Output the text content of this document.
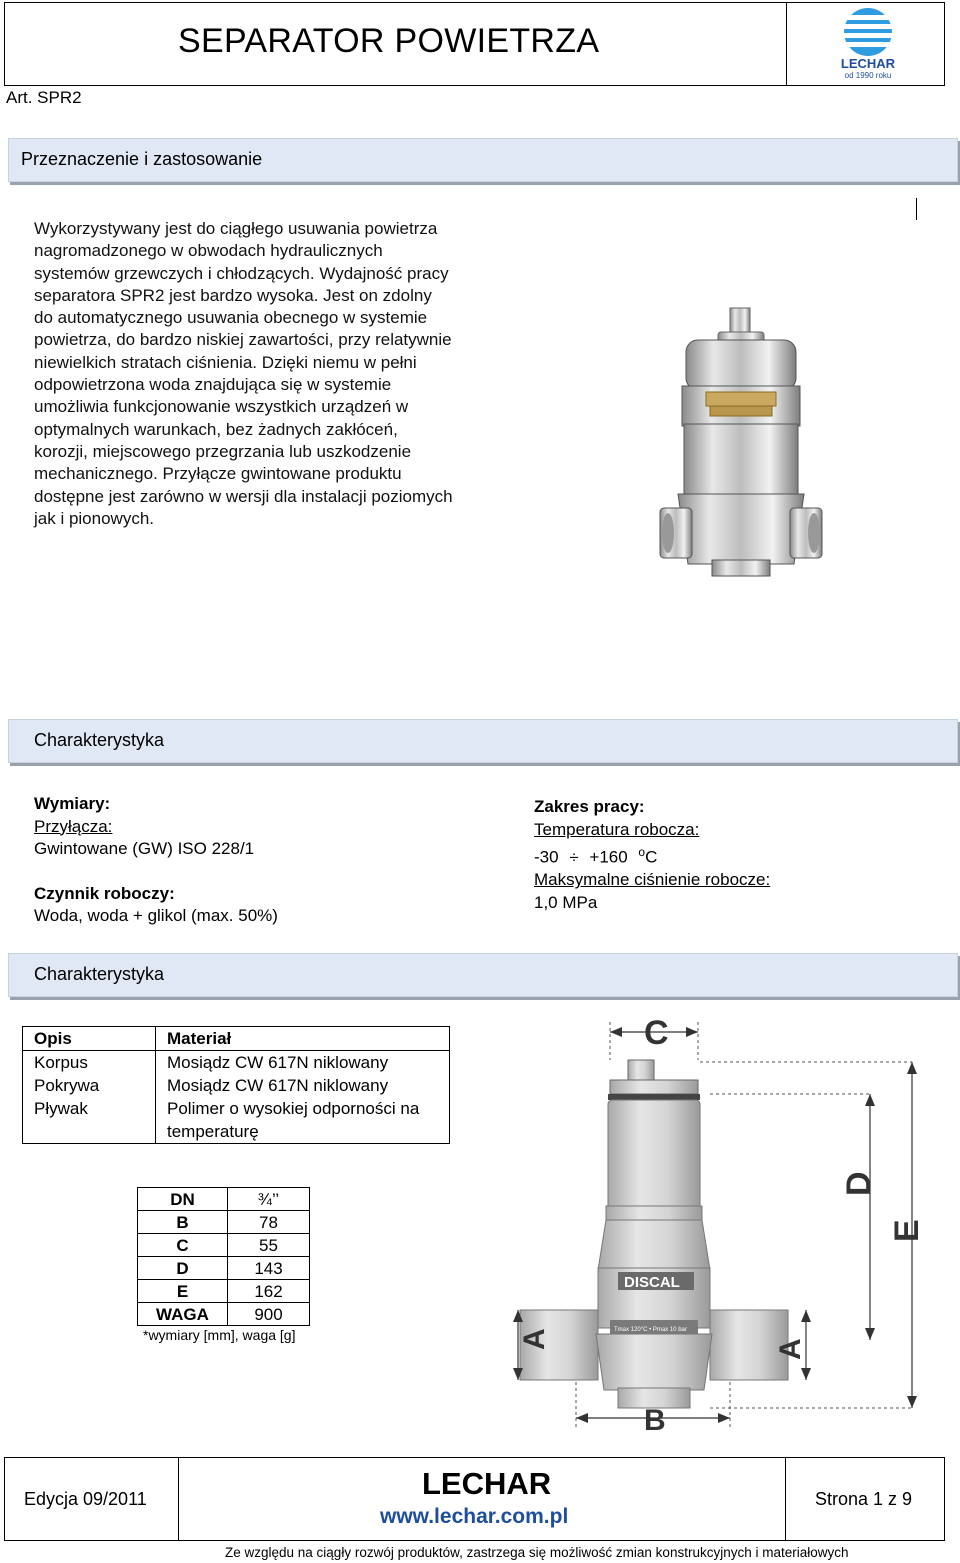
SEPARATOR POWIETRZA
Art. SPR2
LECHAR
od 1990 roku
Przeznaczenie i zastosowanie
Wykorzystywany jest do ciągłego usuwania powietrza nagromadzonego w obwodach hydraulicznych systemów grzewczych i chłodzących. Wydajność pracy separatora SPR2 jest bardzo wysoka. Jest on zdolny do automatycznego usuwania obecnego w systemie powietrza, do bardzo niskiej zawartości, przy relatywnie niewielkich stratach ciśnienia. Dzięki niemu w pełni odpowietrzona woda znajdująca się w systemie umożliwia funkcjonowanie wszystkich urządzeń w optymalnych warunkach, bez żadnych zakłóceń, korozji, miejscowego przegrzania lub uszkodzenie mechanicznego. Przyłącze gwintowane produktu dostępne jest zarówno w wersji dla instalacji poziomych jak i pionowych.
Charakterystyka
Wymiary:
Przyłącza:
Gwintowane (GW) ISO 228/1
Czynnik roboczy:
Woda, woda + glikol (max. 50%)
Zakres pracy:
Temperatura robocza:
-30 ÷ +160 $^o$C
Maksymalne ciśnienie robocze:
1,0 MPa
Charakterystyka
Opis	Materiał
Korpus	Mosiądz CW 617N niklowany
Pokrywa	Mosiądz CW 617N niklowany
Pływak	Polimer o wysokiej odporności na temperaturę
DN	¾’’
B	78
C	55
D	143
E	162
WAGA	900
*wymiary [mm], waga [g]
C
DISCAL
Tmax 120°C • Pmax 10 bar
A	A
D
E
B
Edycja 09/2011	LECHAR
www.lechar.com.pl
Strona 1 z 9
Ze względu na ciągły rozwój produktów, zastrzega się możliwość zmian konstrukcyjnych i materiałowych
